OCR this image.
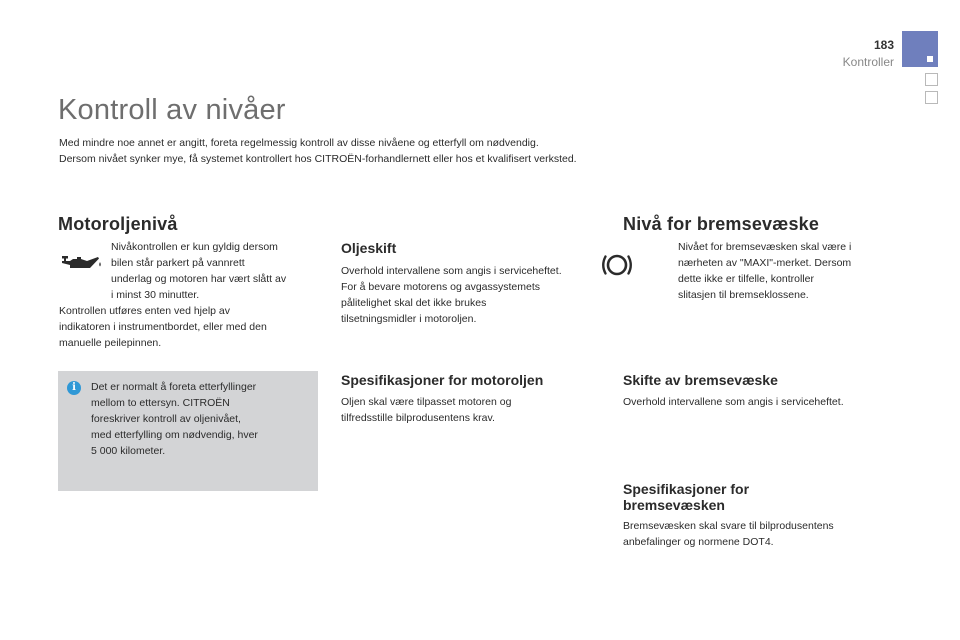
183
Kontroller
Kontroll av nivåer

Med mindre noe annet er angitt, foreta regelmessig kontroll av disse nivåene og etterfyll om nødvendig.

Dersom nivået synker mye, få systemet kontrollert hos CITROËN-forhandlernett eller hos et kvalifisert verksted.

Motoroljenivå

Nivåkontrollen er kun gyldig dersom

bilen står parkert på vannrett

underlag og motoren har vært slått av

i minst 30 minutter.

Kontrollen utføres enten ved hjelp av

indikatoren i instrumentbordet, eller med den

manuelle peilepinnen.

i	Det er normalt å foreta etterfyllinger

mellom to ettersyn. CITROËN

foreskriver kontroll av oljenivået,

med etterfylling om nødvendig, hver

5 000 kilometer.

Oljeskift

Overhold intervallene som angis i serviceheftet.

For å bevare motorens og avgassystemets

pålitelighet skal det ikke brukes

tilsetningsmidler i motoroljen.

Spesifikasjoner for motoroljen

Oljen skal være tilpasset motoren og

tilfredsstille bilprodusentens krav.

Nivå for bremsevæske

Nivået for bremsevæsken skal være i

nærheten av "MAXI"-merket. Dersom

dette ikke er tilfelle, kontroller

slitasjen til bremseklossene.

Skifte av bremsevæske

Overhold intervallene som angis i serviceheftet.

Spesifikasjoner for
bremsevæsken

Bremsevæsken skal svare til bilprodusentens

anbefalinger og normene DOT4.
